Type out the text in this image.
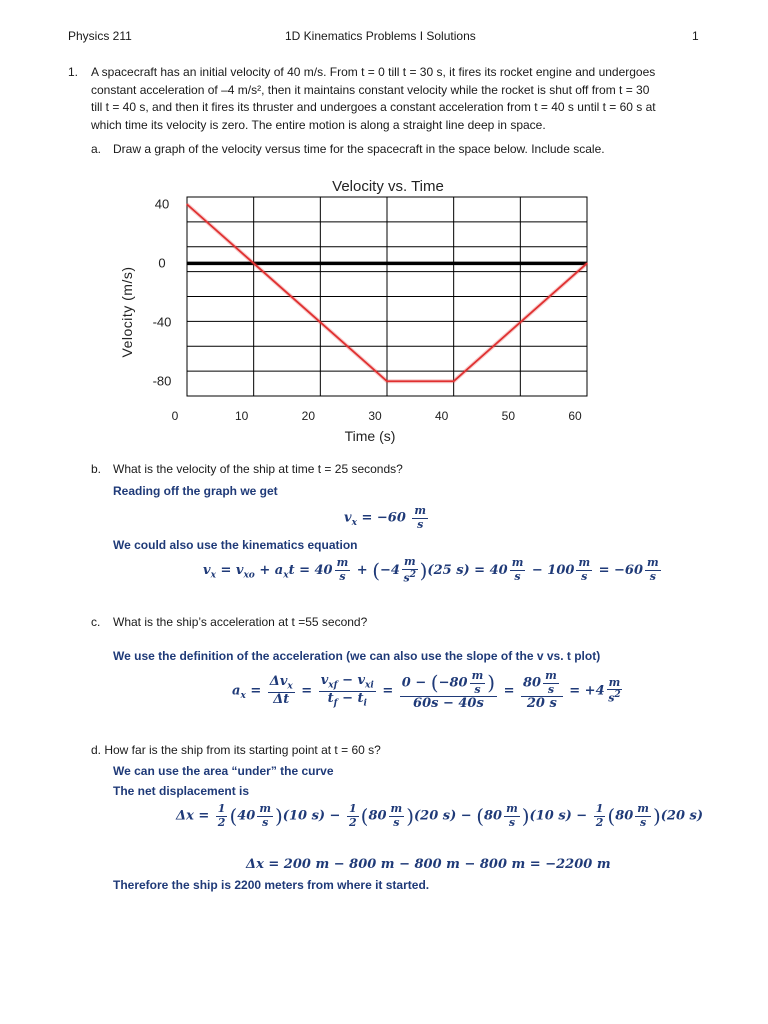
Physics 211	1D Kinematics Problems I Solutions	1
1. A spacecraft has an initial velocity of 40 m/s. From t = 0 till t = 30 s, it fires its rocket engine and undergoes
constant acceleration of –4 m/s², then it maintains constant velocity while the rocket is shut off from t = 30
till t = 40 s, and then it fires its thruster and undergoes a constant acceleration from t = 40 s until t = 60 s at
which time its velocity is zero. The entire motion is along a straight line deep in space.
a. Draw a graph of the velocity versus time for the spacecraft in the space below. Include scale.
Velocity vs. Time
0	10	20	30	40	50	60
40
0
-40
-80
Time (s)
Velocity (m/s)
b. What is the velocity of the ship at time t = 25 seconds?
Reading off the graph we get
$v_x = -60 \frac{m}{s}$
We could also use the kinematics equation
$v_x = v_{xo} + a_xt = 40 \frac{m}{s} + (-4 \frac{m}{s^2} )(25$ $s) = 40 \frac{m}{s} - 100 \frac{m}{s} = -60 \frac{m}{s}$
c. What is the ship’s acceleration at t =55 second?
We use the definition of the acceleration (we can also use the slope of the v vs. t plot)
$a_x$ =
$\Delta v_x$
Δt
=
$v_{xf} - v_{xi}$
$t_f - t_i$
= $\frac{0 - (-80 \frac{m}{s} )}{60s - 40s} = \frac{80 \frac{m}{s}}{20 s} = +4 \frac{m}{s^2}$
d. How far is the ship from its starting point at t = 60 s?
We can use the area “under” the curve
The net displacement is
$\Delta x = \frac{1}{2} (40 \frac{m}{s} )(10$ $s) - \frac{1}{2} (80 \frac{m}{s} )(20$ $s) - (80 \frac{m}{s} )(10$ $s) - \frac{1}{2} (80 \frac{m}{s} )(20$ s)
Δx = 200 m − 800 m − 800 m − 800 m = −2200 m
Therefore the ship is 2200 meters from where it started.
